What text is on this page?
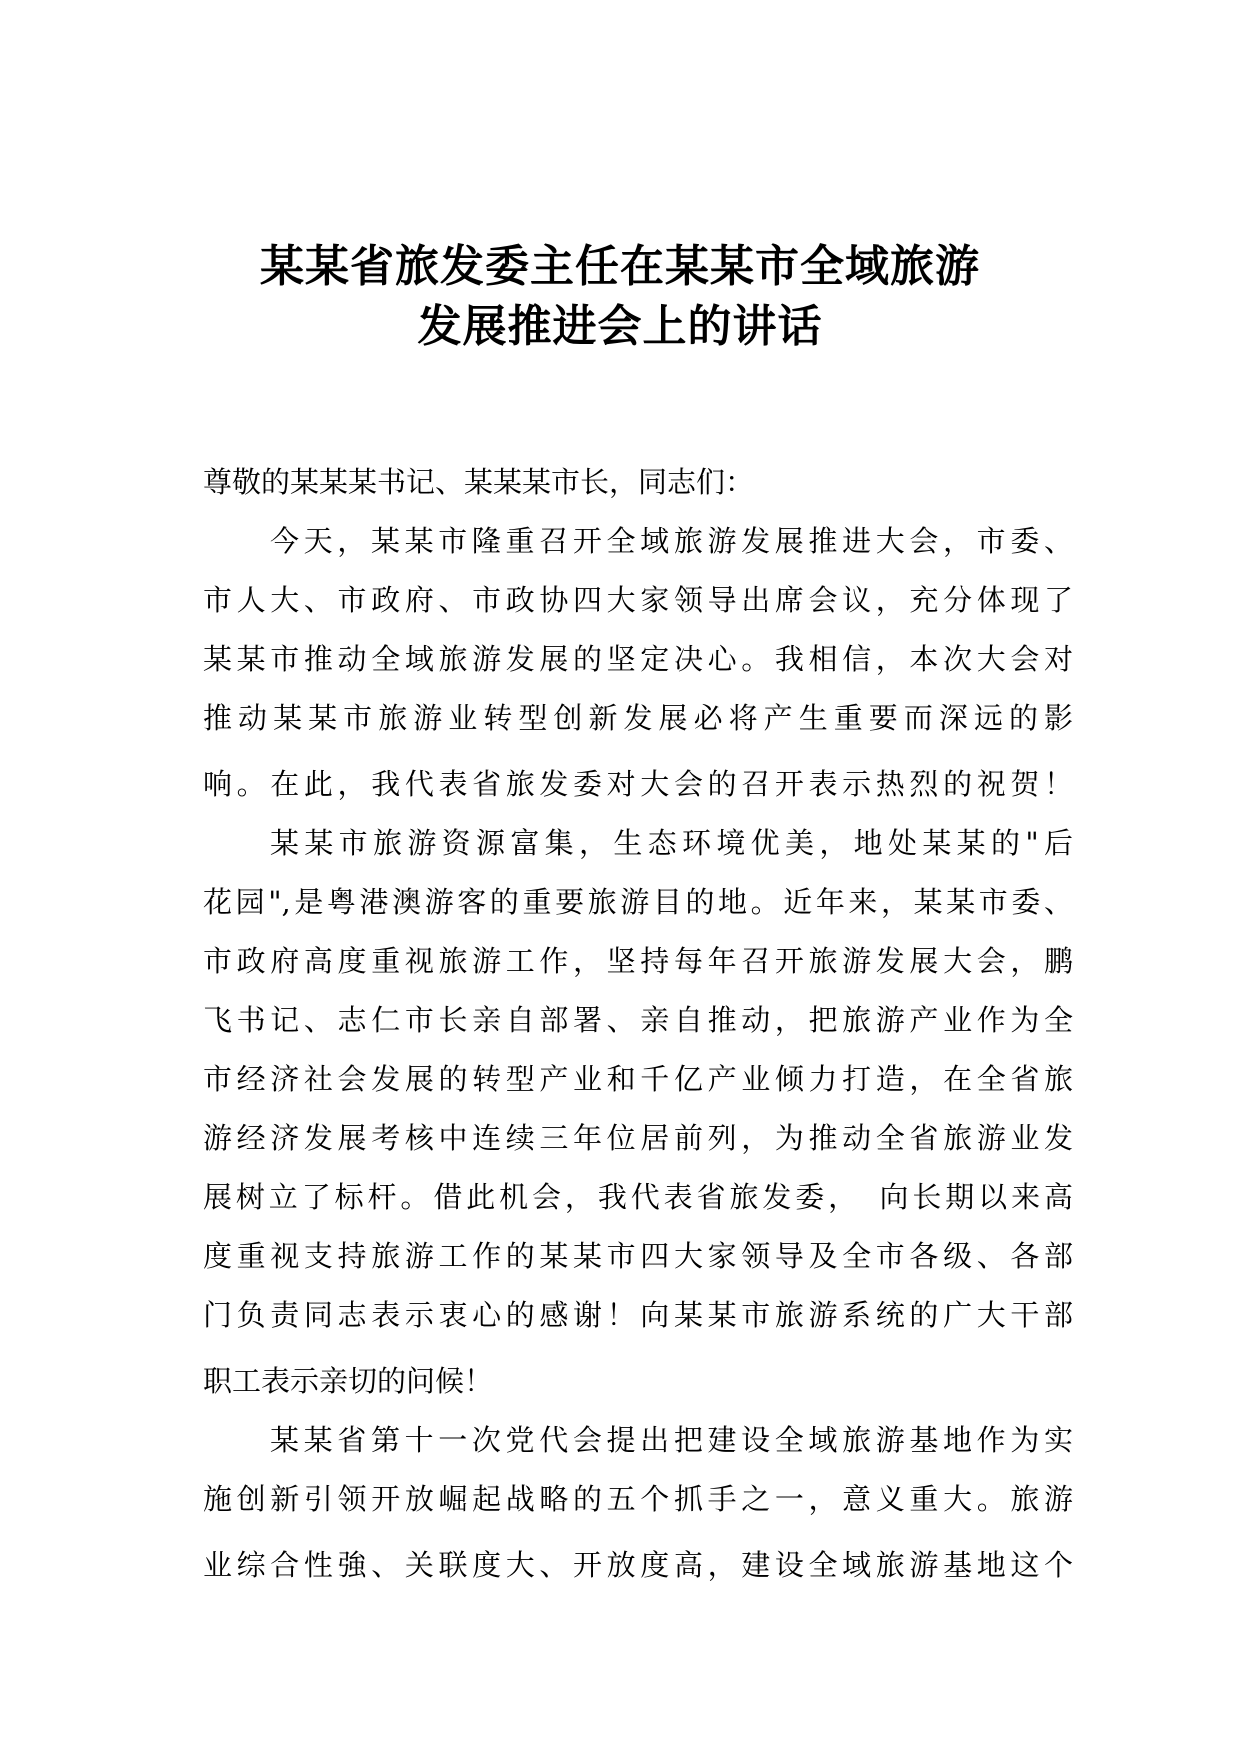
某某省旅发委主任在某某市全域旅游
发展推进会上的讲话
尊敬的某某某书记、某某某市长，同志们：
今天，某某市隆重召开全域旅游发展推进大会，市委、
市人大、市政府、市政协四大家领导出席会议，充分体现了
某某市推动全域旅游发展的坚定决心。我相信，本次大会对
推动某某市旅游业转型创新发展必将产生重要而深远的影
响。在此，我代表省旅发委对大会的召开表示热烈的祝贺！
某某市旅游资源富集，生态环境优美，地处某某的"后
花园",是粤港澳游客的重要旅游目的地。近年来，某某市委、
市政府高度重视旅游工作，坚持每年召开旅游发展大会，鹏
飞书记、志仁市长亲自部署、亲自推动，把旅游产业作为全
市经济社会发展的转型产业和千亿产业倾力打造，在全省旅
游经济发展考核中连续三年位居前列，为推动全省旅游业发
展树立了标杆。借此机会，我代表省旅发委，　向长期以来高
度重视支持旅游工作的某某市四大家领导及全市各级、各部
门负责同志表示衷心的感谢！向某某市旅游系统的广大干部
职工表示亲切的问候！
某某省第十一次党代会提出把建设全域旅游基地作为实
施创新引领开放崛起战略的五个抓手之一，意义重大。旅游
业综合性強、关联度大、开放度高，建设全域旅游基地这个
